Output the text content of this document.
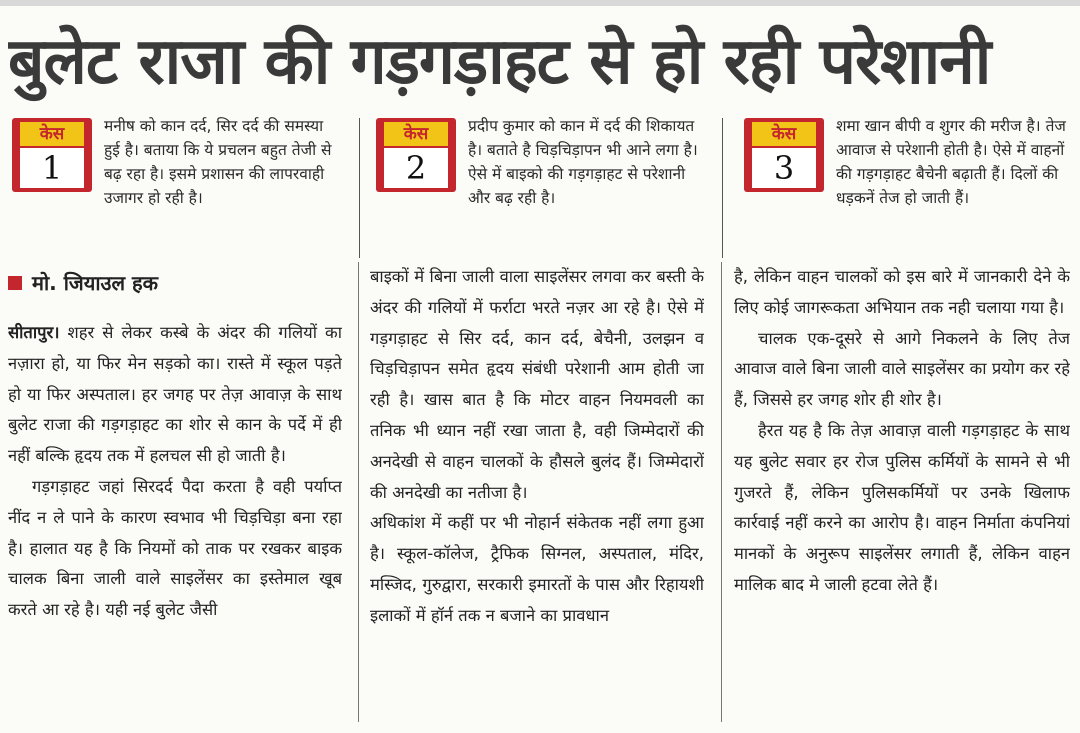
बुलेट राजा की गड़गड़ाहट से हो रही परेशानी
केस
1

मनीष को कान दर्द, सिर दर्द की समस्या हुई है। बताया कि ये प्रचलन बहुत तेजी से बढ़ रहा है। इसमे प्रशासन की लापरवाही उजागर हो रही है।

केस
2

प्रदीप कुमार को कान में दर्द की शिकायत है। बताते है चिड़चिड़ापन भी आने लगा है। ऐसे में बाइको की गड़गड़ाहट से परेशानी और बढ़ रही है।

केस
3

शमा खान बीपी व शुगर की मरीज है। तेज आवाज से परेशानी होती है। ऐसे में वाहनों की गड़गड़ाहट बैचेनी बढ़ाती हैं। दिलों की धड़कनें तेज हो जाती हैं।

मो. जियाउल हक

सीतापुर। शहर से लेकर कस्बे के अंदर की गलियों का नज़ारा हो, या फिर मेन सड़को का। रास्ते में स्कूल पड़ते हो या फिर अस्पताल। हर जगह पर तेज़ आवाज़ के साथ बुलेट राजा की गड़गड़ाहट का शोर से कान के पर्दे में ही नहीं बल्कि हृदय तक में हलचल सी हो जाती है।

गड़गड़ाहट जहां सिरदर्द पैदा करता है वही पर्याप्त नींद न ले पाने के कारण स्वभाव भी चिड़चिड़ा बना रहा है। हालात यह है कि नियमों को ताक पर रखकर बाइक चालक बिना जाली वाले साइलेंसर का इस्तेमाल खूब करते आ रहे है। यही नई बुलेट जैसी

बाइकों में बिना जाली वाला साइलेंसर लगवा कर बस्ती के अंदर की गलियों में फर्राटा भरते नज़र आ रहे है। ऐसे में गड़गड़ाहट से सिर दर्द, कान दर्द, बेचैनी, उलझन व चिड़चिड़ापन समेत हृदय संबंधी परेशानी आम होती जा रही है। खास बात है कि मोटर वाहन नियमवली का तनिक भी ध्यान नहीं रखा जाता है, वही जिम्मेदारों की अनदेखी से वाहन चालकों के हौसले बुलंद हैं। जिम्मेदारों की अनदेखी का नतीजा है।

अधिकांश में कहीं पर भी नोहार्न संकेतक नहीं लगा हुआ है। स्कूल-कॉलेज, ट्रैफिक सिग्नल, अस्पताल, मंदिर, मस्जिद, गुरुद्वारा, सरकारी इमारतों के पास और रिहायशी इलाकों में हॉर्न तक न बजाने का प्रावधान

है, लेकिन वाहन चालकों को इस बारे में जानकारी देने के लिए कोई जागरूकता अभियान तक नही चलाया गया है।

चालक एक-दूसरे से आगे निकलने के लिए तेज आवाज वाले बिना जाली वाले साइलेंसर का प्रयोग कर रहे हैं, जिससे हर जगह शोर ही शोर है।

हैरत यह है कि तेज़ आवाज़ वाली गड़गड़ाहट के साथ यह बुलेट सवार हर रोज पुलिस कर्मियों के सामने से भी गुजरते हैं, लेकिन पुलिसकर्मियों पर उनके खिलाफ कार्रवाई नहीं करने का आरोप है। वाहन निर्माता कंपनियां मानकों के अनुरूप साइलेंसर लगाती हैं, लेकिन वाहन मालिक बाद मे जाली हटवा लेते हैं।
